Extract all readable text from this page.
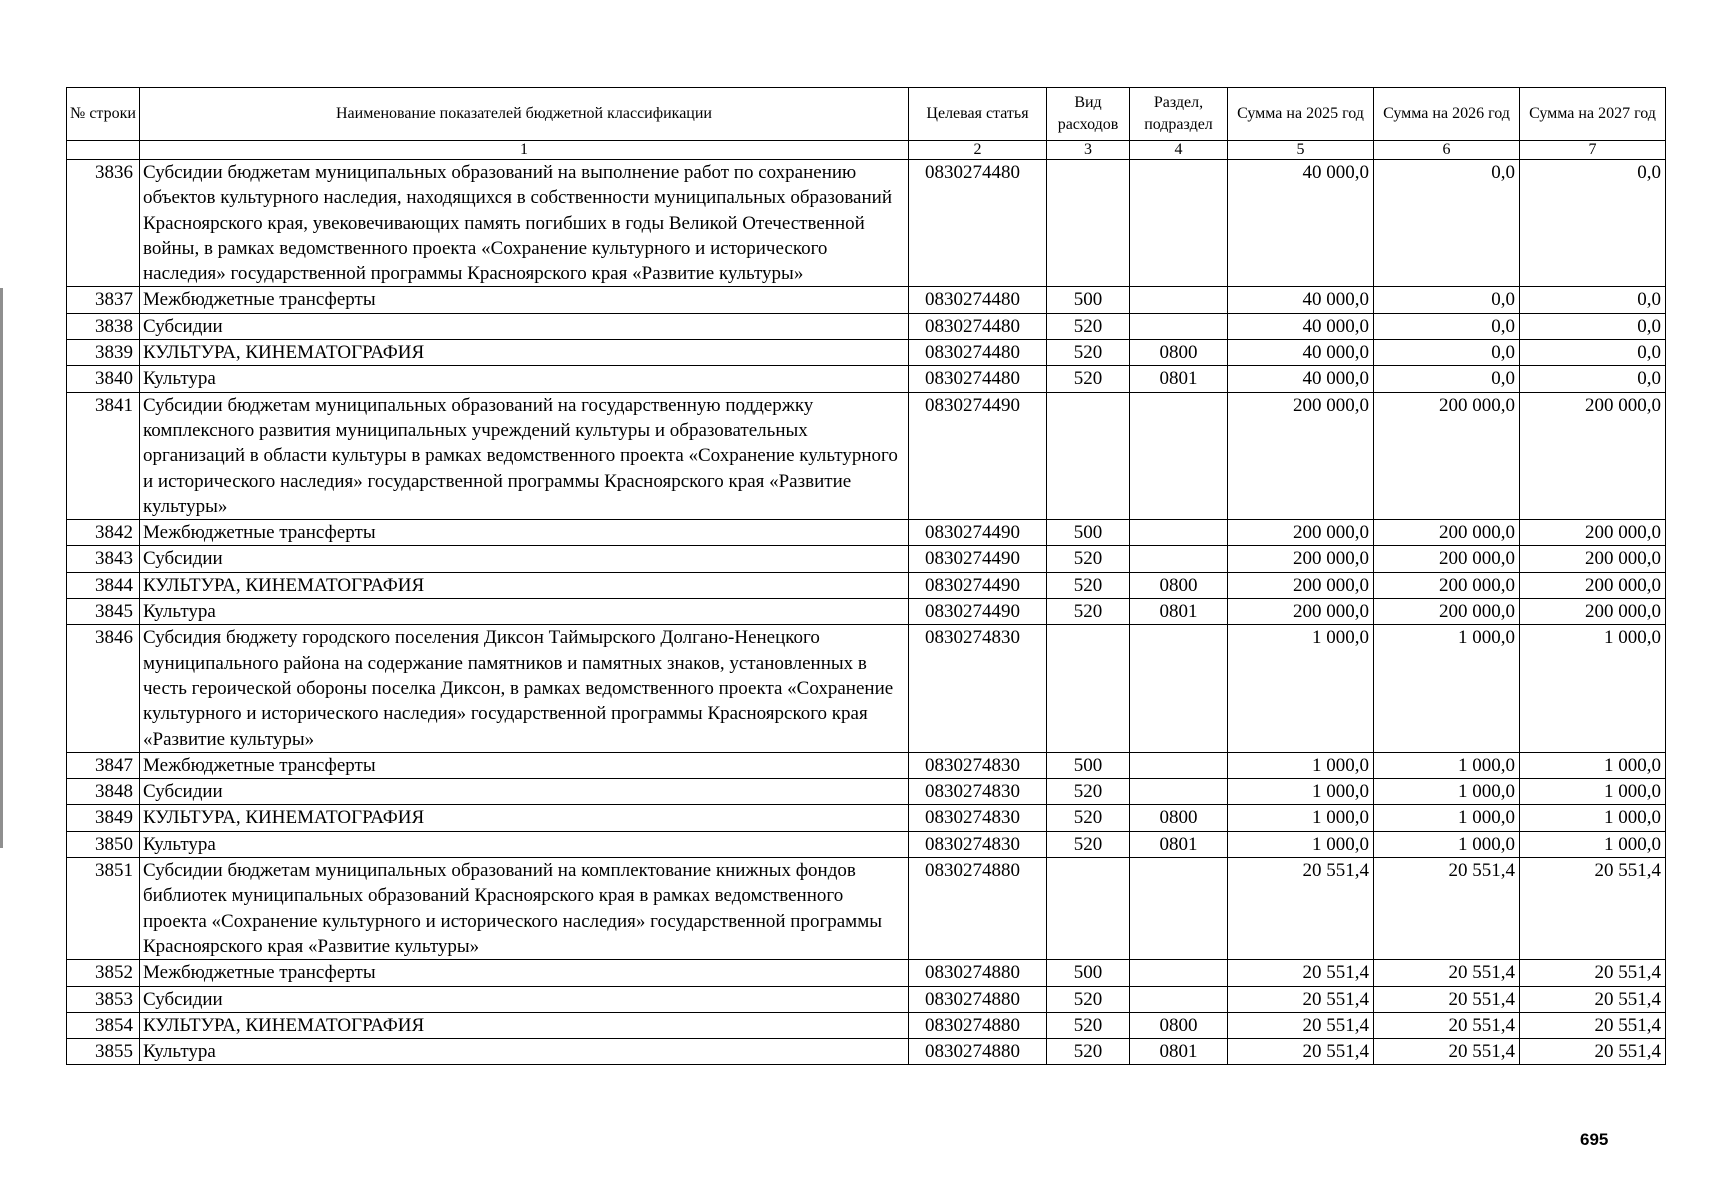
№ строки	Наименование показателей бюджетной классификации	Целевая статья	Вид расходов	Раздел, подраздел	Сумма на 2025 год	Сумма на 2026 год	Сумма на 2027 год
	1	2	3	4	5	6	7
3836	Субсидии бюджетам муниципальных образований на выполнение работ по сохранению объектов культурного наследия, находящихся в собственности муниципальных образований Красноярского края, увековечивающих память погибших в годы Великой Отечественной войны, в рамках ведомственного проекта «Сохранение культурного и исторического наследия» государственной программы Красноярского края «Развитие культуры»	0830274480			40 000,0	0,0	0,0
3837	Межбюджетные трансферты	0830274480	500		40 000,0	0,0	0,0
3838	Субсидии	0830274480	520		40 000,0	0,0	0,0
3839	КУЛЬТУРА, КИНЕМАТОГРАФИЯ	0830274480	520	0800	40 000,0	0,0	0,0
3840	Культура	0830274480	520	0801	40 000,0	0,0	0,0
3841	Субсидии бюджетам муниципальных образований на государственную поддержку комплексного развития муниципальных учреждений культуры и образовательных организаций в области культуры в рамках ведомственного проекта «Сохранение культурного и исторического наследия» государственной программы Красноярского края «Развитие культуры»	0830274490			200 000,0	200 000,0	200 000,0
3842	Межбюджетные трансферты	0830274490	500		200 000,0	200 000,0	200 000,0
3843	Субсидии	0830274490	520		200 000,0	200 000,0	200 000,0
3844	КУЛЬТУРА, КИНЕМАТОГРАФИЯ	0830274490	520	0800	200 000,0	200 000,0	200 000,0
3845	Культура	0830274490	520	0801	200 000,0	200 000,0	200 000,0
3846	Субсидия бюджету городского поселения Диксон Таймырского Долгано-Ненецкого муниципального района на содержание памятников и памятных знаков, установленных в честь героической обороны поселка Диксон, в рамках ведомственного проекта «Сохранение культурного и исторического наследия» государственной программы Красноярского края «Развитие культуры»	0830274830			1 000,0	1 000,0	1 000,0
3847	Межбюджетные трансферты	0830274830	500		1 000,0	1 000,0	1 000,0
3848	Субсидии	0830274830	520		1 000,0	1 000,0	1 000,0
3849	КУЛЬТУРА, КИНЕМАТОГРАФИЯ	0830274830	520	0800	1 000,0	1 000,0	1 000,0
3850	Культура	0830274830	520	0801	1 000,0	1 000,0	1 000,0
3851	Субсидии бюджетам муниципальных образований на комплектование книжных фондов библиотек муниципальных образований Красноярского края в рамках ведомственного проекта «Сохранение культурного и исторического наследия» государственной программы Красноярского края «Развитие культуры»	0830274880			20 551,4	20 551,4	20 551,4
3852	Межбюджетные трансферты	0830274880	500		20 551,4	20 551,4	20 551,4
3853	Субсидии	0830274880	520		20 551,4	20 551,4	20 551,4
3854	КУЛЬТУРА, КИНЕМАТОГРАФИЯ	0830274880	520	0800	20 551,4	20 551,4	20 551,4
3855	Культура	0830274880	520	0801	20 551,4	20 551,4	20 551,4
695
